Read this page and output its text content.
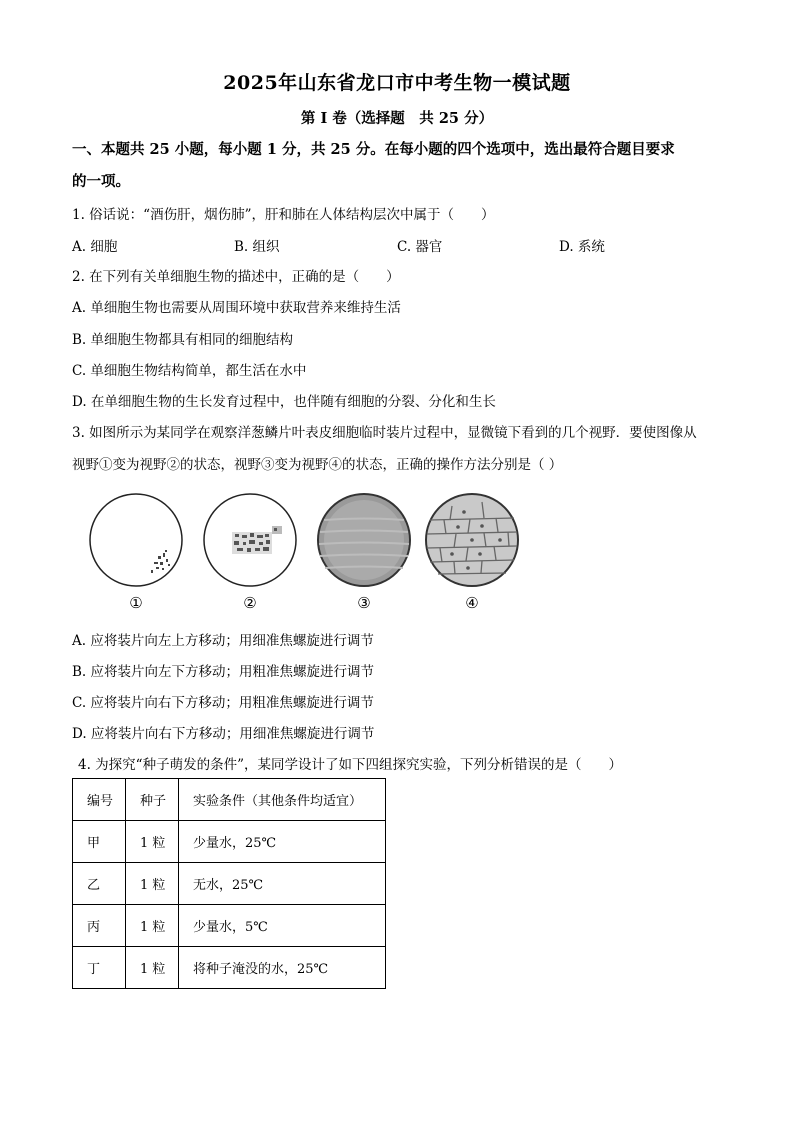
2025年山东省龙口市中考生物一模试题
第 I 卷（选择题　共 25 分）
一、本题共 25 小题，每小题 1 分，共 25 分。在每小题的四个选项中，选出最符合题目要求
的一项。
1. 俗话说：“酒伤肝，烟伤肺”，肝和肺在人体结构层次中属于（　　）
A. 细胞	B. 组织	C. 器官	D. 系统
2. 在下列有关单细胞生物的描述中，正确的是（　　）
A. 单细胞生物也需要从周围环境中获取营养来维持生活
B. 单细胞生物都具有相同的细胞结构
C. 单细胞生物结构简单，都生活在水中
D. 在单细胞生物的生长发育过程中，也伴随有细胞的分裂、分化和生长
3. 如图所示为某同学在观察洋葱鳞片叶表皮细胞临时装片过程中，显微镜下看到的几个视野．要使图像从
视野①变为视野②的状态，视野③变为视野④的状态，正确的操作方法分别是（ ）
①	②	③	④
A. 应将装片向左上方移动；用细准焦螺旋进行调节
B. 应将装片向左下方移动；用粗准焦螺旋进行调节
C. 应将装片向右下方移动；用粗准焦螺旋进行调节
D. 应将装片向右下方移动；用细准焦螺旋进行调节
4. 为探究“种子萌发的条件”，某同学设计了如下四组探究实验，下列分析错误的是（　　）
编号	种子	实验条件（其他条件均适宜）
甲	1 粒	少量水，25℃
乙	1 粒	无水，25℃
丙	1 粒	少量水，5℃
丁	1 粒	将种子淹没的水，25℃
